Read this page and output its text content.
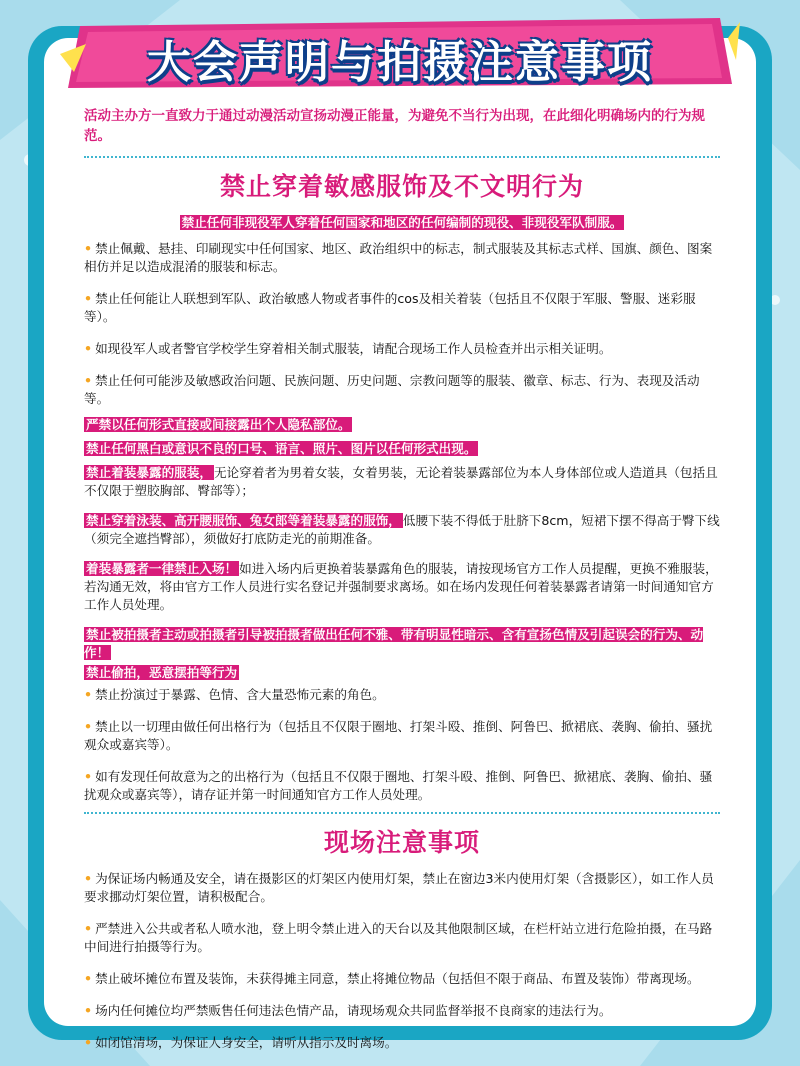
大会声明与拍摄注意事项
活动主办方一直致力于通过动漫活动宣扬动漫正能量，为避免不当行为出现，在此细化明确场内的行为规范。
禁止穿着敏感服饰及不文明行为
禁止任何非现役军人穿着任何国家和地区的任何编制的现役、非现役军队制服。
• 禁止佩戴、悬挂、印刷现实中任何国家、地区、政治组织中的标志，制式服装及其标志式样、国旗、颜色、图案相仿并足以造成混淆的服装和标志。
• 禁止任何能让人联想到军队、政治敏感人物或者事件的cos及相关着装（包括且不仅限于军服、警服、迷彩服等）。
• 如现役军人或者警官学校学生穿着相关制式服装，请配合现场工作人员检查并出示相关证明。
• 禁止任何可能涉及敏感政治问题、民族问题、历史问题、宗教问题等的服装、徽章、标志、行为、表现及活动等。
严禁以任何形式直接或间接露出个人隐私部位。
禁止任何黑白或意识不良的口号、语言、照片、图片以任何形式出现。
禁止着装暴露的服装， 无论穿着者为男着女装，女着男装，无论着装暴露部位为本人身体部位或人造道具（包括且不仅限于塑胶胸部、臀部等）；
禁止穿着泳装、高开腰服饰、兔女郎等着装暴露的服饰， 低腰下装不得低于肚脐下8cm，短裙下摆不得高于臀下线（须完全遮挡臀部），须做好打底防走光的前期准备。
着装暴露者一律禁止入场！ 如进入场内后更换着装暴露角色的服装，请按现场官方工作人员提醒，更换不雅服装，若沟通无效，将由官方工作人员进行实名登记并强制要求离场。如在场内发现任何着装暴露者请第一时间通知官方工作人员处理。
禁止被拍摄者主动或拍摄者引导被拍摄者做出任何不雅、带有明显性暗示、含有宣扬色情及引起误会的行为、动作！
禁止偷拍，恶意摆拍等行为
• 禁止扮演过于暴露、色情、含大量恐怖元素的角色。
• 禁止以一切理由做任何出格行为（包括且不仅限于圈地、打架斗殴、推倒、阿鲁巴、掀裙底、袭胸、偷拍、骚扰观众或嘉宾等）。
• 如有发现任何故意为之的出格行为（包括且不仅限于圈地、打架斗殴、推倒、阿鲁巴、掀裙底、袭胸、偷拍、骚扰观众或嘉宾等），请存证并第一时间通知官方工作人员处理。
现场注意事项
• 为保证场内畅通及安全，请在摄影区的灯架区内使用灯架，禁止在窗边3米内使用灯架（含摄影区），如工作人员要求挪动灯架位置，请积极配合。
• 严禁进入公共或者私人喷水池，登上明令禁止进入的天台以及其他限制区域，在栏杆站立进行危险拍摄，在马路中间进行拍摄等行为。
• 禁止破坏摊位布置及装饰，未获得摊主同意，禁止将摊位物品（包括但不限于商品、布置及装饰）带离现场。
• 场内任何摊位均严禁贩售任何违法色情产品，请现场观众共同监督举报不良商家的违法行为。
• 如闭馆清场，为保证人身安全，请听从指示及时离场。
